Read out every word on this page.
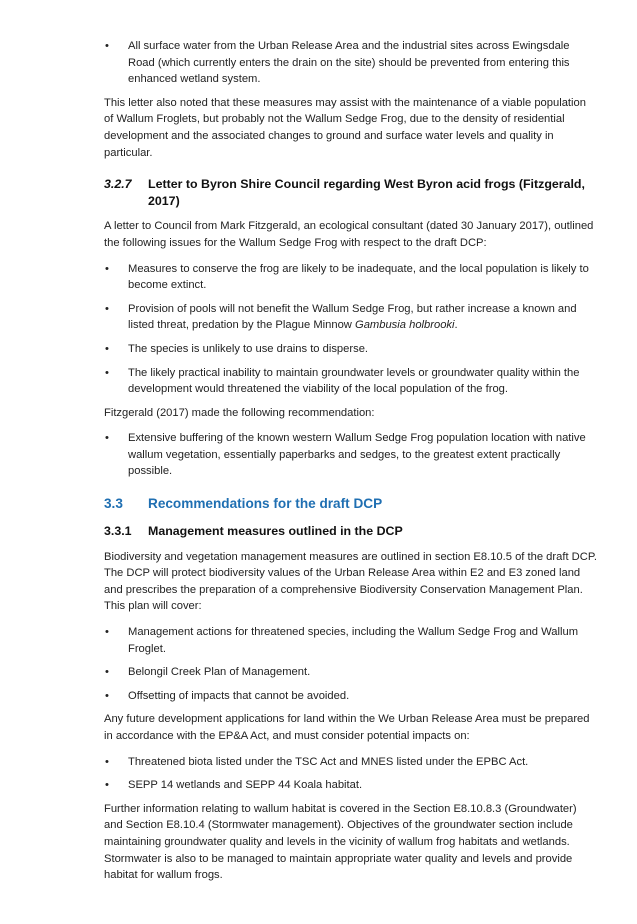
• All surface water from the Urban Release Area and the industrial sites across Ewingsdale Road (which currently enters the drain on the site) should be prevented from entering this enhanced wetland system.

This letter also noted that these measures may assist with the maintenance of a viable population of Wallum Froglets, but probably not the Wallum Sedge Frog, due to the density of residential development and the associated changes to ground and surface water levels and quality in particular.

3.2.7 Letter to Byron Shire Council regarding West Byron acid frogs (Fitzgerald, 2017)

A letter to Council from Mark Fitzgerald, an ecological consultant (dated 30 January 2017), outlined the following issues for the Wallum Sedge Frog with respect to the draft DCP:

• Measures to conserve the frog are likely to be inadequate, and the local population is likely to become extinct.

• Provision of pools will not benefit the Wallum Sedge Frog, but rather increase a known and listed threat, predation by the Plague Minnow Gambusia holbrooki.

• The species is unlikely to use drains to disperse.

• The likely practical inability to maintain groundwater levels or groundwater quality within the development would threatened the viability of the local population of the frog.

Fitzgerald (2017) made the following recommendation:

• Extensive buffering of the known western Wallum Sedge Frog population location with native wallum vegetation, essentially paperbarks and sedges, to the greatest extent practically possible.

3.3 Recommendations for the draft DCP
3.3.1 Management measures outlined in the DCP

Biodiversity and vegetation management measures are outlined in section E8.10.5 of the draft DCP. The DCP will protect biodiversity values of the Urban Release Area within E2 and E3 zoned land and prescribes the preparation of a comprehensive Biodiversity Conservation Management Plan. This plan will cover:

• Management actions for threatened species, including the Wallum Sedge Frog and Wallum Froglet.

• Belongil Creek Plan of Management.

• Offsetting of impacts that cannot be avoided.

Any future development applications for land within the We Urban Release Area must be prepared in accordance with the EP&A Act, and must consider potential impacts on:

• Threatened biota listed under the TSC Act and MNES listed under the EPBC Act.

• SEPP 14 wetlands and SEPP 44 Koala habitat.

Further information relating to wallum habitat is covered in the Section E8.10.8.3 (Groundwater) and Section E8.10.4 (Stormwater management). Objectives of the groundwater section include maintaining groundwater quality and levels in the vicinity of wallum frog habitats and wetlands. Stormwater is also to be managed to maintain appropriate water quality and levels and provide habitat for wallum frogs.
